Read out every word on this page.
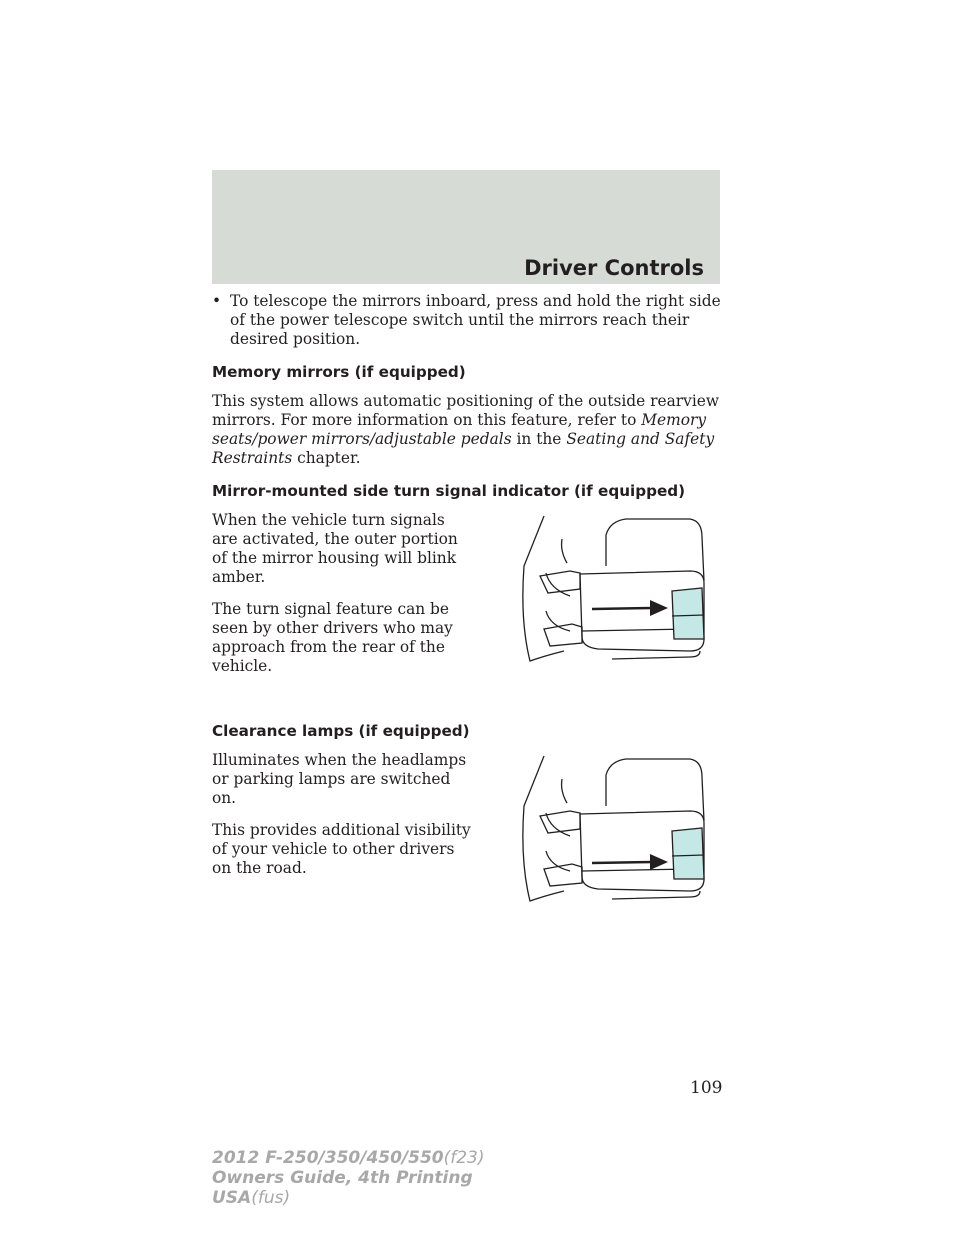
Driver Controls
• To telescope the mirrors inboard, press and hold the right side of the power telescope switch until the mirrors reach their desired position.
Memory mirrors (if equipped)

This system allows automatic positioning of the outside rearview mirrors. For more information on this feature, refer to Memory seats/power mirrors/adjustable pedals in the Seating and Safety Restraints chapter.

Mirror-mounted side turn signal indicator (if equipped)

When the vehicle turn signals are activated, the outer portion of the mirror housing will blink amber.

The turn signal feature can be seen by other drivers who may approach from the rear of the vehicle.

Clearance lamps (if equipped)

Illuminates when the headlamps or parking lamps are switched on.

This provides additional visibility of your vehicle to other drivers on the road.

109
2012 F-250/350/450/550(f23)
Owners Guide, 4th Printing
USA(fus)
